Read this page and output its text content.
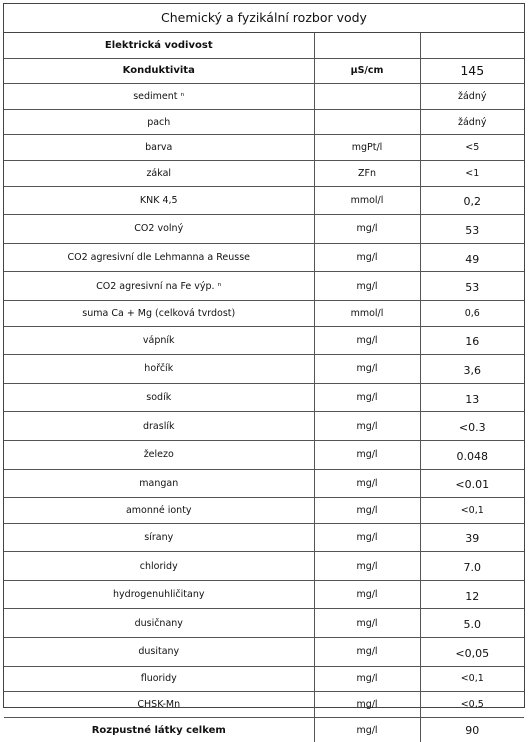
Chemický a fyzikální rozbor vody
Elektrická vodivost		
Konduktivita	µS/cm	145
sediment ⁿ		žádný
pach		žádný
barva	mgPt/l	<5
zákal	ZFn	<1
KNK 4,5	mmol/l	0,2
CO2 volný	mg/l	53
CO2 agresivní dle Lehmanna a Reusse	mg/l	49
CO2 agresivní na Fe výp. ⁿ	mg/l	53
suma Ca + Mg (celková tvrdost)	mmol/l	0,6
vápník	mg/l	16
hořčík	mg/l	3,6
sodík	mg/l	13
draslík	mg/l	<0.3
železo	mg/l	0.048
mangan	mg/l	<0.01
amonné ionty	mg/l	<0,1
sírany	mg/l	39
chloridy	mg/l	7.0
hydrogenuhličitany	mg/l	12
dusičnany	mg/l	5.0
dusitany	mg/l	<0,05
fluoridy	mg/l	<0,1
CHSK-Mn	mg/l	<0,5
Rozpustné látky celkem	mg/l	90
